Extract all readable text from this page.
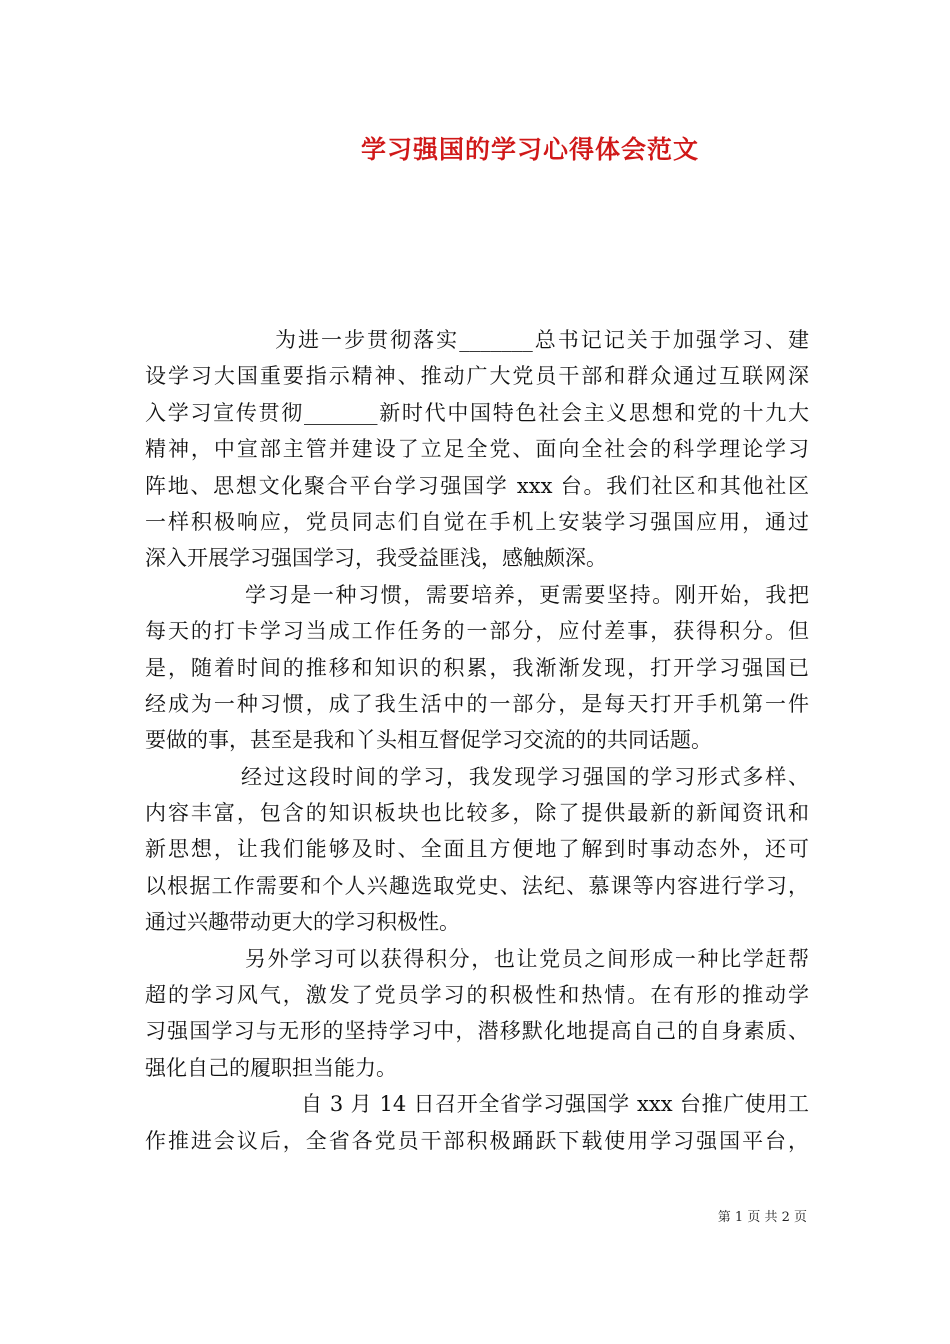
学习强国的学习心得体会范文
为进一步贯彻落实_______总书记记关于加强学习、建
设学习大国重要指示精神、推动广大党员干部和群众通过互联网深
入学习宣传贯彻_______新时代中国特色社会主义思想和党的十九大
精神，中宣部主管并建设了立足全党、面向全社会的科学理论学习
阵地、思想文化聚合平台学习强国学 xxx 台。我们社区和其他社区
一样积极响应，党员同志们自觉在手机上安装学习强国应用，通过
深入开展学习强国学习，我受益匪浅，感触颇深。
学习是一种习惯，需要培养，更需要坚持。刚开始，我把
每天的打卡学习当成工作任务的一部分，应付差事，获得积分。但
是，随着时间的推移和知识的积累，我渐渐发现，打开学习强国已
经成为一种习惯，成了我生活中的一部分，是每天打开手机第一件
要做的事，甚至是我和丫头相互督促学习交流的的共同话题。
经过这段时间的学习，我发现学习强国的学习形式多样、
内容丰富，包含的知识板块也比较多，除了提供最新的新闻资讯和
新思想，让我们能够及时、全面且方便地了解到时事动态外，还可
以根据工作需要和个人兴趣选取党史、法纪、慕课等内容进行学习，
通过兴趣带动更大的学习积极性。
另外学习可以获得积分，也让党员之间形成一种比学赶帮
超的学习风气，激发了党员学习的积极性和热情。在有形的推动学
习强国学习与无形的坚持学习中，潜移默化地提高自己的自身素质、
强化自己的履职担当能力。
自 3 月 14 日召开全省学习强国学 xxx 台推广使用工
作推进会议后，全省各党员干部积极踊跃下载使用学习强国平台，
第 1 页 共 2 页
